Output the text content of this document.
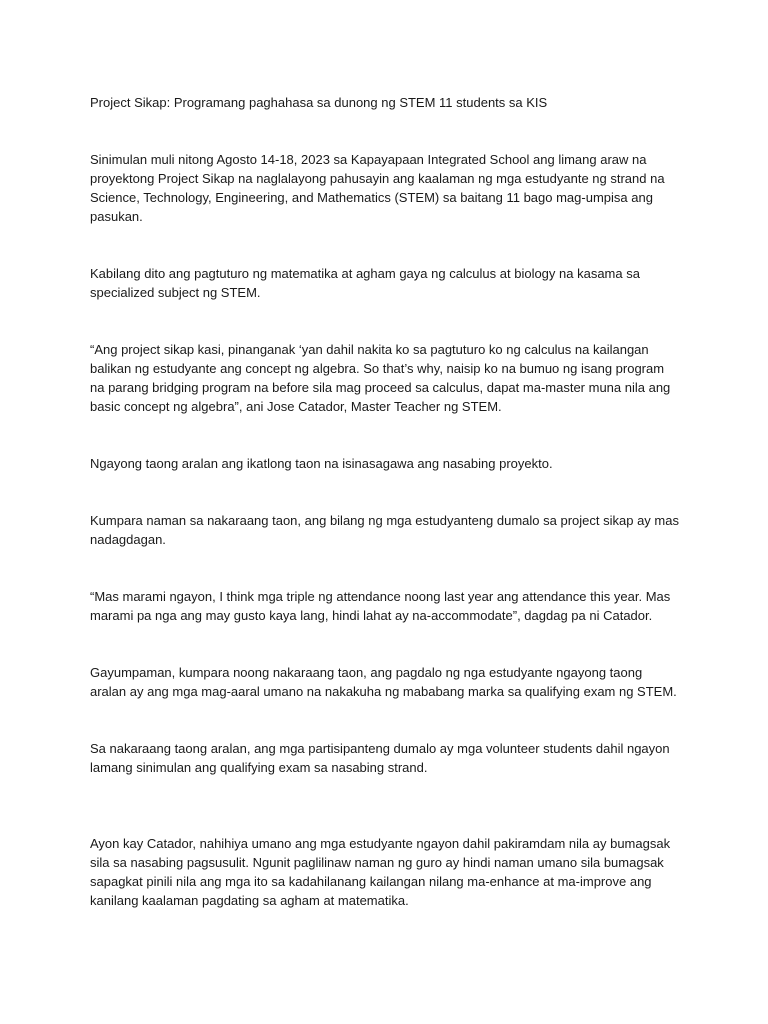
Project Sikap: Programang paghahasa sa dunong ng STEM 11 students sa KIS

Sinimulan muli nitong Agosto 14-18, 2023 sa Kapayapaan Integrated School ang limang araw na proyektong Project Sikap na naglalayong pahusayin ang kaalaman ng mga estudyante ng strand na Science, Technology, Engineering, and Mathematics (STEM) sa baitang 11 bago mag-umpisa ang pasukan.

Kabilang dito ang pagtuturo ng matematika at agham gaya ng calculus at biology na kasama sa specialized subject ng STEM.

“Ang project sikap kasi, pinanganak ‘yan dahil nakita ko sa pagtuturo ko ng calculus na kailangan balikan ng estudyante ang concept ng algebra. So that’s why, naisip ko na bumuo ng isang program na parang bridging program na before sila mag proceed sa calculus, dapat ma-master muna nila ang basic concept ng algebra”, ani Jose Catador, Master Teacher ng STEM.

Ngayong taong aralan ang ikatlong taon na isinasagawa ang nasabing proyekto.

Kumpara naman sa nakaraang taon, ang bilang ng mga estudyanteng dumalo sa project sikap ay mas nadagdagan.

“Mas marami ngayon, I think mga triple ng attendance noong last year ang attendance this year. Mas marami pa nga ang may gusto kaya lang, hindi lahat ay na-accommodate”, dagdag pa ni Catador.

Gayumpaman, kumpara noong nakaraang taon, ang pagdalo ng nga estudyante ngayong taong aralan ay ang mga mag-aaral umano na nakakuha ng mababang marka sa qualifying exam ng STEM.

Sa nakaraang taong aralan, ang mga partisipanteng dumalo ay mga volunteer students dahil ngayon lamang sinimulan ang qualifying exam sa nasabing strand.

Ayon kay Catador, nahihiya umano ang mga estudyante ngayon dahil pakiramdam nila ay bumagsak sila sa nasabing pagsusulit. Ngunit paglilinaw naman ng guro ay hindi naman umano sila bumagsak sapagkat pinili nila ang mga ito sa kadahilanang kailangan nilang ma-enhance at ma-improve ang kanilang kaalaman pagdating sa agham at matematika.
